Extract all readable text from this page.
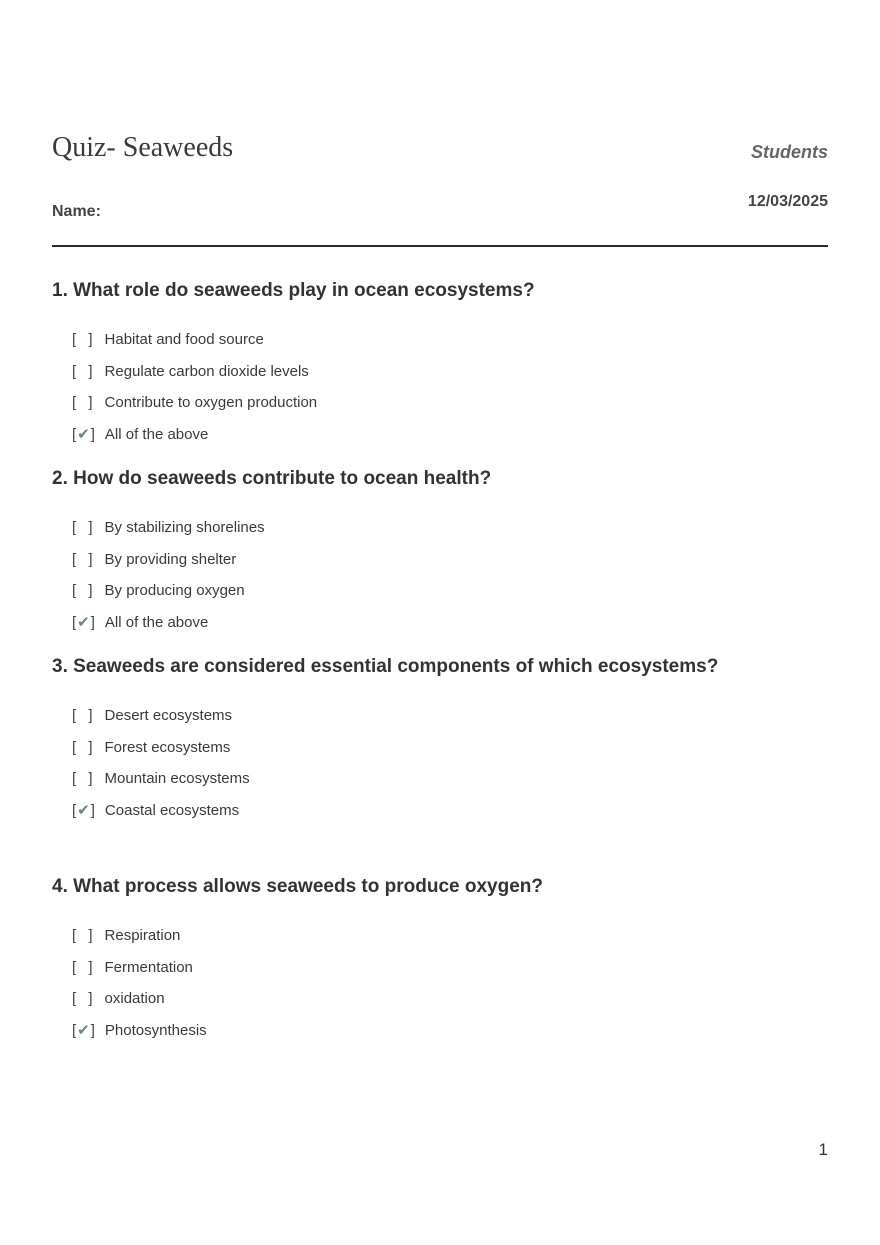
Quiz- Seaweeds	Students
12/03/2025
Name:

1. What role do seaweeds play in ocean ecosystems?

[ ] Habitat and food source
[ ] Regulate carbon dioxide levels
[ ] Contribute to oxygen production
[✔] All of the above

2. How do seaweeds contribute to ocean health?

[ ] By stabilizing shorelines
[ ] By providing shelter
[ ] By producing oxygen
[✔] All of the above

3. Seaweeds are considered essential components of which ecosystems?

[ ] Desert ecosystems
[ ] Forest ecosystems
[ ] Mountain ecosystems
[✔] Coastal ecosystems

4. What process allows seaweeds to produce oxygen?

[ ] Respiration
[ ] Fermentation
[ ] oxidation
[✔] Photosynthesis
1
